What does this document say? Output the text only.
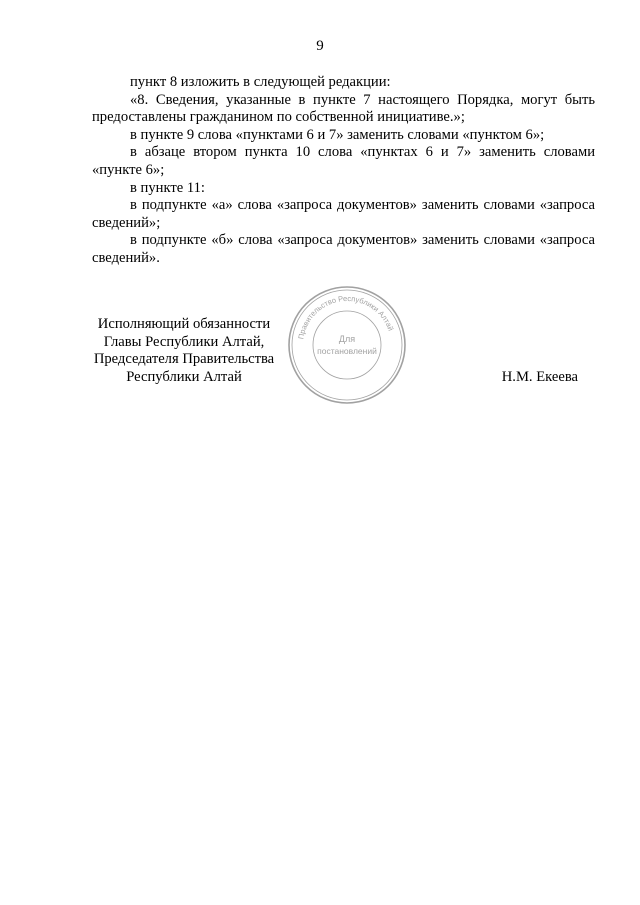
9

пункт 8 изложить в следующей редакции:

«8. Сведения, указанные в пункте 7 настоящего Порядка, могут быть предоставлены гражданином по собственной инициативе.»;

в пункте 9 слова «пунктами 6 и 7» заменить словами «пунктом 6»;

в абзаце втором пункта 10 слова «пунктах 6 и 7» заменить словами «пункте 6»;

в пункте 11:

в подпункте «а» слова «запроса документов» заменить словами «запроса сведений»;

в подпункте «б» слова «запроса документов» заменить словами «запроса сведений».

Исполняющий обязанности
Главы Республики Алтай,
Председателя Правительства
Республики Алтай
Правительство Республики Алтай
Для
постановлений
Н.М. Екеева
